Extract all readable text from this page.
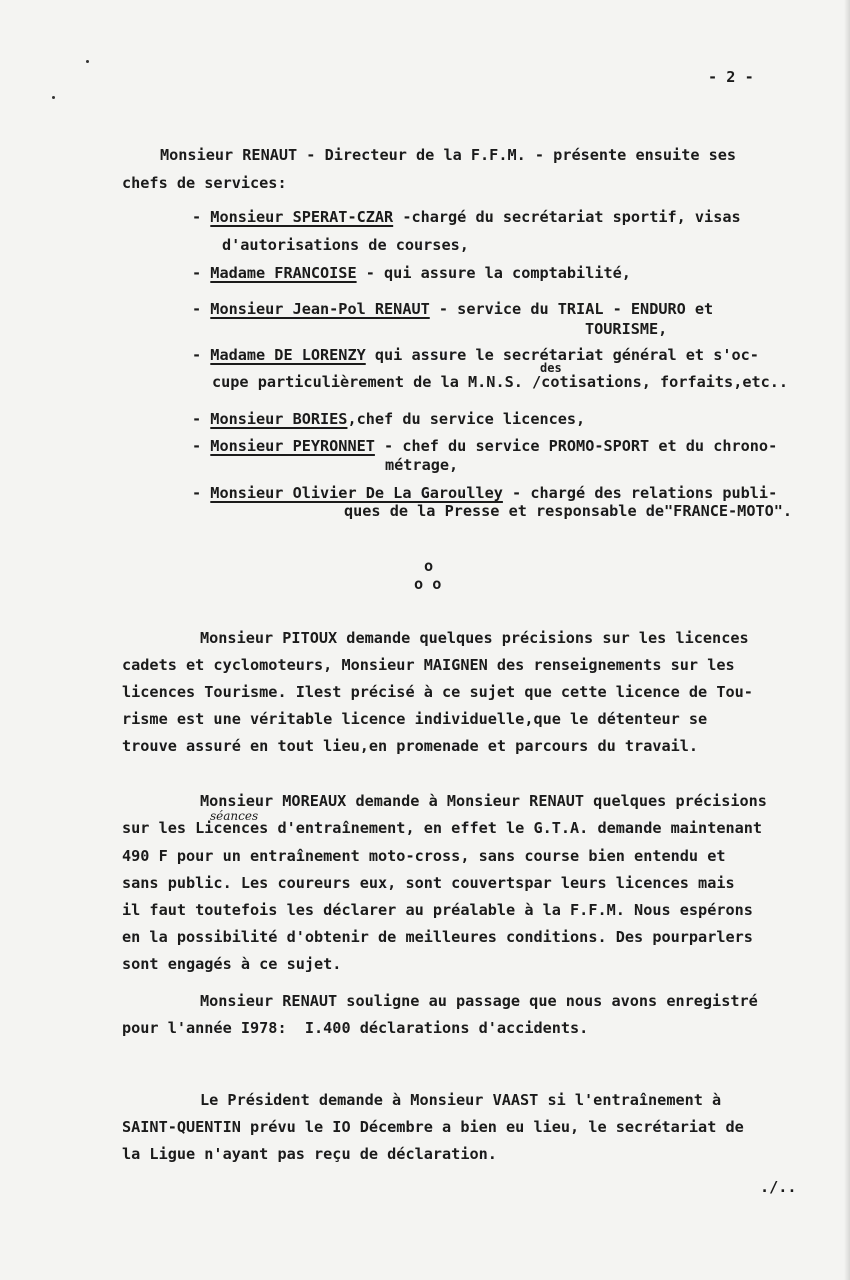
- 2 -
Monsieur RENAUT - Directeur de la F.F.M. - présente ensuite ses
chefs de services:
- Monsieur SPERAT-CZAR -chargé du secrétariat sportif, visas
d'autorisations de courses,
- Madame FRANCOISE - qui assure la comptabilité,
- Monsieur Jean-Pol RENAUT - service du TRIAL - ENDURO et
TOURISME,
- Madame DE LORENZY qui assure le secrétariat général et s'oc-
des
cupe particulièrement de la M.N.S. /cotisations, forfaits,etc..
- Monsieur BORIES,chef du service licences,
- Monsieur PEYRONNET - chef du service PROMO-SPORT et du chrono-
métrage,
- Monsieur Olivier De La Garoulley - chargé des relations publi-
ques de la Presse et responsable de"FRANCE-MOTO".
o
o o
Monsieur PITOUX demande quelques précisions sur les licences
cadets et cyclomoteurs, Monsieur MAIGNEN des renseignements sur les
licences Tourisme. Ilest précisé à ce sujet que cette licence de Tou-
risme est une véritable licence individuelle,que le détenteur se
trouve assuré en tout lieu,en promenade et parcours du travail.
Monsieur MOREAUX demande à Monsieur RENAUT quelques précisions
sur les Licences d'entraînement, en effet le G.T.A. demande maintenant
séances
490 F pour un entraînement moto-cross, sans course bien entendu et
sans public. Les coureurs eux, sont couvertspar leurs licences mais
il faut toutefois les déclarer au préalable à la F.F.M. Nous espérons
en la possibilité d'obtenir de meilleures conditions. Des pourparlers
sont engagés à ce sujet.
Monsieur RENAUT souligne au passage que nous avons enregistré
pour l'année I978:  I.400 déclarations d'accidents.
Le Président demande à Monsieur VAAST si l'entraînement à
SAINT-QUENTIN prévu le IO Décembre a bien eu lieu, le secrétariat de
la Ligue n'ayant pas reçu de déclaration.
./..
